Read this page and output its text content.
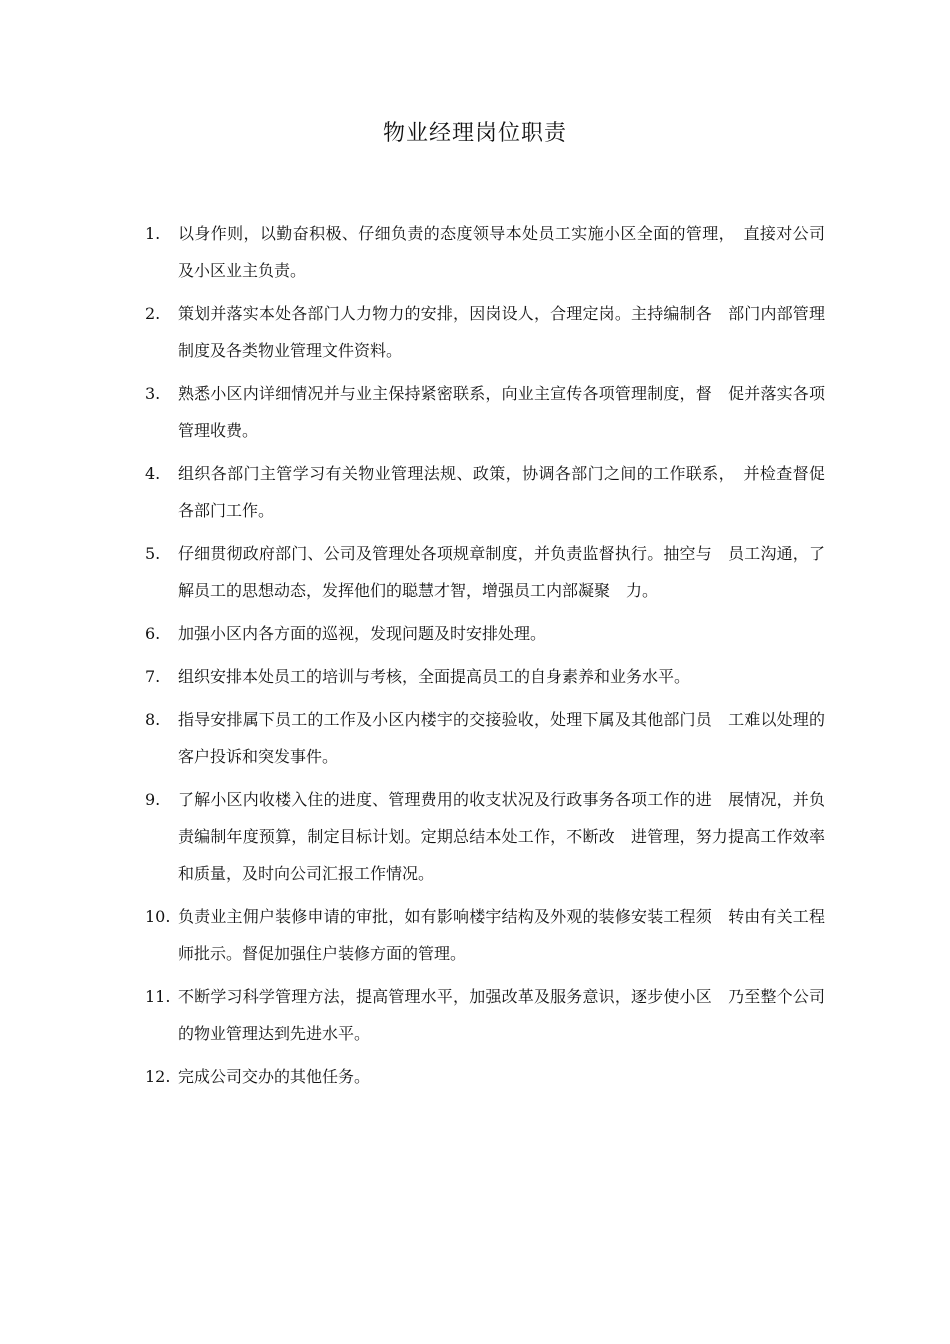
物业经理岗位职责
1.	以身作则，以勤奋积极、仔细负责的态度领导本处员工实施小区全面的管理，　直接对公司及小区业主负责。
2.	策划并落实本处各部门人力物力的安排，因岗设人，合理定岗。主持编制各　部门内部管理制度及各类物业管理文件资料。
3.	熟悉小区内详细情况并与业主保持紧密联系，向业主宣传各项管理制度，督　促并落实各项管理收费。
4.	组织各部门主管学习有关物业管理法规、政策，协调各部门之间的工作联系，　并检查督促各部门工作。
5.	仔细贯彻政府部门、公司及管理处各项规章制度，并负责监督执行。抽空与　员工沟通，了解员工的思想动态，发挥他们的聪慧才智，增强员工内部凝聚　力。
6.	加强小区内各方面的巡视，发现问题及时安排处理。
7.	组织安排本处员工的培训与考核，全面提高员工的自身素养和业务水平。
8.	指导安排属下员工的工作及小区内楼宇的交接验收，处理下属及其他部门员　工难以处理的客户投诉和突发事件。
9.	了解小区内收楼入住的进度、管理费用的收支状况及行政事务各项工作的进　展情况，并负责编制年度预算，制定目标计划。定期总结本处工作，不断改　进管理，努力提高工作效率和质量，及时向公司汇报工作情况。
10. 负责业主佣户装修申请的审批，如有影响楼宇结构及外观的装修安装工程须　转由有关工程师批示。督促加强住户装修方面的管理。
11. 不断学习科学管理方法，提高管理水平，加强改革及服务意识，逐步使小区　乃至整个公司的物业管理达到先进水平。
12. 完成公司交办的其他任务。
